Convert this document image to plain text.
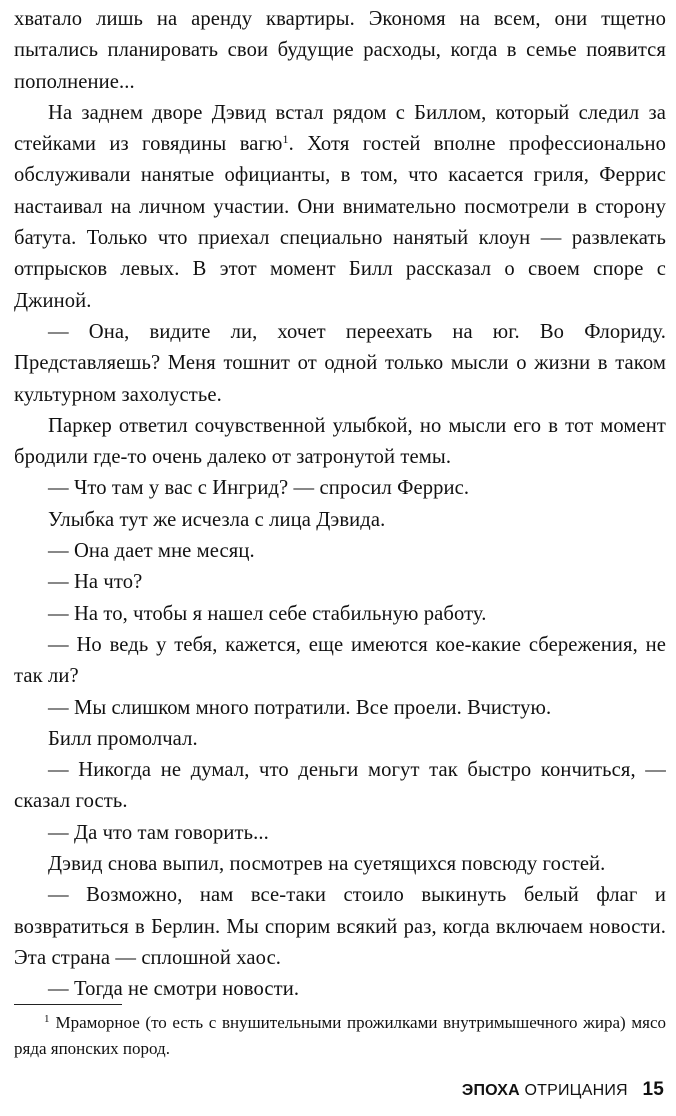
хватало лишь на аренду квартиры. Экономя на всем, они тщетно пытались планировать свои будущие расходы, когда в семье появится пополнение...

На заднем дворе Дэвид встал рядом с Биллом, который следил за стейками из говядины вагю$^1$. Хотя гостей вполне профессионально обслуживали нанятые официанты, в том, что касается гриля, Феррис настаивал на личном участии. Они внимательно посмотрели в сторону батута. Только что приехал специально нанятый клоун — развлекать отпрысков левых. В этот момент Билл рассказал о своем споре с Джиной.

— Она, видите ли, хочет переехать на юг. Во Флориду. Представляешь? Меня тошнит от одной только мысли о жизни в таком культурном захолустье.

Паркер ответил сочувственной улыбкой, но мысли его в тот момент бродили где-то очень далеко от затронутой темы.

— Что там у вас с Ингрид? — спросил Феррис.

Улыбка тут же исчезла с лица Дэвида.

— Она дает мне месяц.

— На что?

— На то, чтобы я нашел себе стабильную работу.

— Но ведь у тебя, кажется, еще имеются кое-какие сбережения, не так ли?

— Мы слишком много потратили. Все проели. Вчистую.

Билл промолчал.

— Никогда не думал, что деньги могут так быстро кончиться, — сказал гость.

— Да что там говорить...

Дэвид снова выпил, посмотрев на суетящихся повсюду гостей.

— Возможно, нам все-таки стоило выкинуть белый флаг и возвратиться в Берлин. Мы спорим всякий раз, когда включаем новости. Эта страна — сплошной хаос.

— Тогда не смотри новости.

$^1$ Мраморное (то есть с внушительными прожилками внутримышечного жира) мясо ряда японских пород.
ЭПОХА ОТРИЦАНИЯ 15
